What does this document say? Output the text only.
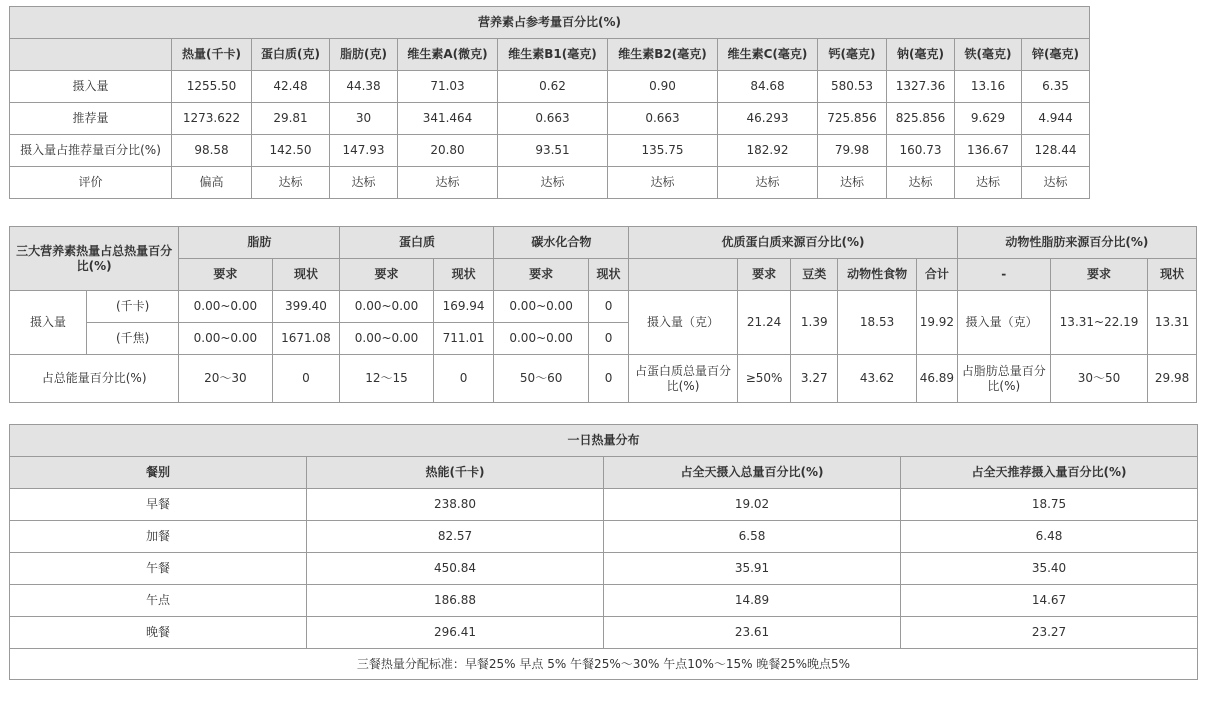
营养素占参考量百分比(%)											
	热量(千卡)	蛋白质(克)	脂肪(克)	维生素A(微克)	维生素B1(毫克)	维生素B2(毫克)	维生素C(毫克)	钙(毫克)	钠(毫克)	铁(毫克)	锌(毫克)
摄入量	1255.50	42.48	44.38	71.03	0.62	0.90	84.68	580.53	1327.36	13.16	6.35
推荐量	1273.622	29.81	30	341.464	0.663	0.663	46.293	725.856	825.856	9.629	4.944
摄入量占推荐量百分比(%)	98.58	142.50	147.93	20.80	93.51	135.75	182.92	79.98	160.73	136.67	128.44
评价	偏高	达标	达标	达标	达标	达标	达标	达标	达标	达标	达标
三大营养素热量占总热量百分比(%)		脂肪		蛋白质		碳水化合物		优质蛋白质来源百分比(%)					动物性脂肪来源百分比(%)		
		要求	现状	要求	现状	要求	现状		要求	豆类	动物性食物	合计	-	要求	现状
摄入量	(千卡)	0.00~0.00	399.40	0.00~0.00	169.94	0.00~0.00	0	摄入量（克）	21.24	1.39	18.53	19.92	摄入量（克）	13.31~22.19	13.31
	(千焦)	0.00~0.00	1671.08	0.00~0.00	711.01	0.00~0.00	0								
占总能量百分比(%)		20～30	0	12～15	0	50～60	0	占蛋白质总量百分比(%)	≥50%	3.27	43.62	46.89	占脂肪总量百分比(%)	30～50	29.98
一日热量分布			
餐别	热能(千卡)	占全天摄入总量百分比(%)	占全天推荐摄入量百分比(%)
早餐	238.80	19.02	18.75
加餐	82.57	6.58	6.48
午餐	450.84	35.91	35.40
午点	186.88	14.89	14.67
晚餐	296.41	23.61	23.27
三餐热量分配标准：早餐25% 早点 5% 午餐25%～30% 午点10%～15% 晚餐25%晚点5%			
